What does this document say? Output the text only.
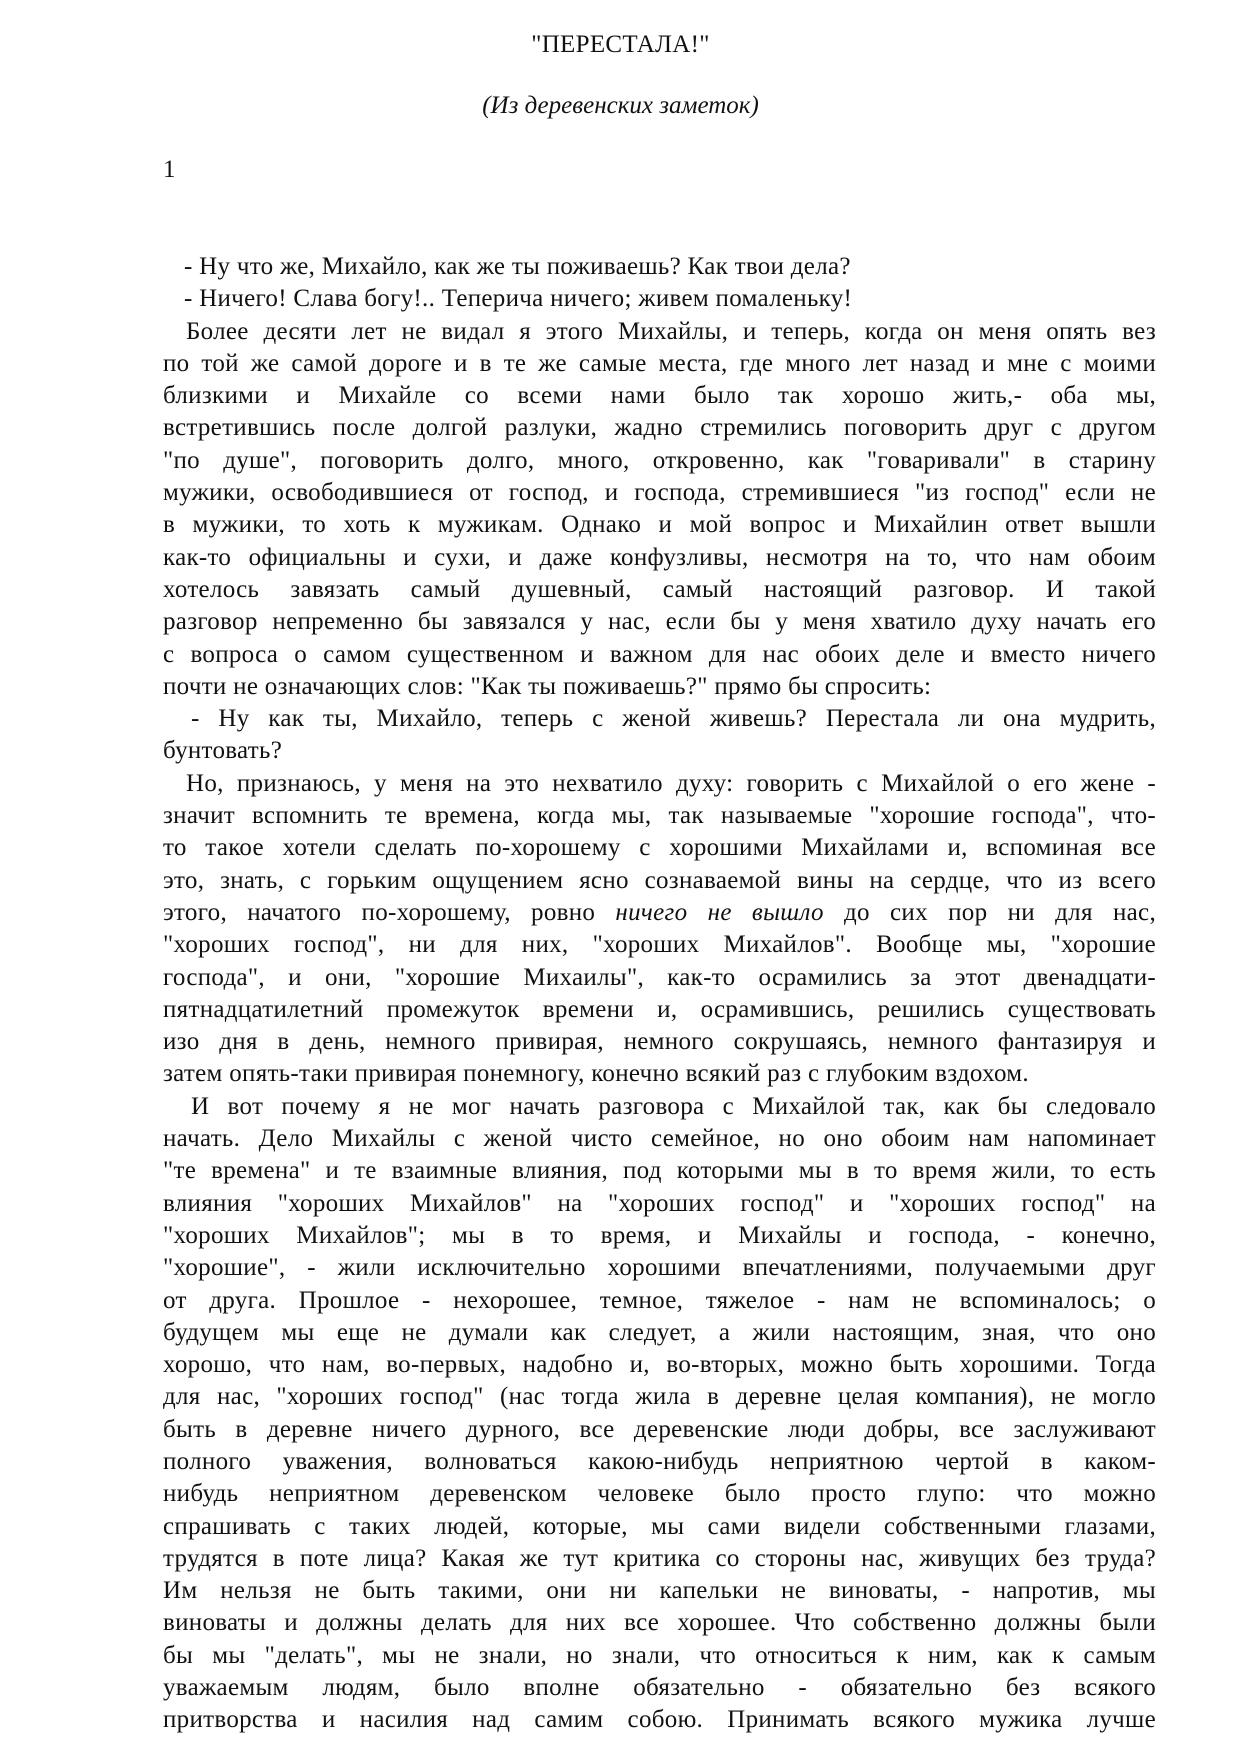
"ПЕРЕСТАЛА!"
(Из деревенских заметок)
1
- Ну что же, Михайло, как же ты поживаешь? Как твои дела?
- Ничего! Слава богу!.. Теперича ничего; живем помаленьку!
Более десяти лет не видал я этого Михайлы, и теперь, когда он меня опять вез
по той же самой дороге и в те же самые места, где много лет назад и мне с моими
близкими и Михайле со всеми нами было так хорошо жить,- оба мы,
встретившись после долгой разлуки, жадно стремились поговорить друг с другом
"по душе", поговорить долго, много, откровенно, как "говаривали" в старину
мужики, освободившиеся от господ, и господа, стремившиеся "из господ" если не
в мужики, то хоть к мужикам. Однако и мой вопрос и Михайлин ответ вышли
как-то официальны и сухи, и даже конфузливы, несмотря на то, что нам обоим
хотелось завязать самый душевный, самый настоящий разговор. И такой
разговор непременно бы завязался у нас, если бы у меня хватило духу начать его
с вопроса о самом существенном и важном для нас обоих деле и вместо ничего
почти не означающих слов: "Как ты поживаешь?" прямо бы спросить:
- Ну как ты, Михайло, теперь с женой живешь? Перестала ли она мудрить,
бунтовать?
Но, признаюсь, у меня на это нехватило духу: говорить с Михайлой о его жене -
значит вспомнить те времена, когда мы, так называемые "хорошие господа", что-
то такое хотели сделать по-хорошему с хорошими Михайлами и, вспоминая все
это, знать, с горьким ощущением ясно сознаваемой вины на сердце, что из всего
этого, начатого по-хорошему, ровно ничего не вышло до сих пор ни для нас,
"хороших господ", ни для них, "хороших Михайлов". Вообще мы, "хорошие
господа", и они, "хорошие Михаилы", как-то осрамились за этот двенадцати-
пятнадцатилетний промежуток времени и, осрамившись, решились существовать
изо дня в день, немного привирая, немного сокрушаясь, немного фантазируя и
затем опять-таки привирая понемногу, конечно всякий раз с глубоким вздохом.
И вот почему я не мог начать разговора с Михайлой так, как бы следовало
начать. Дело Михайлы с женой чисто семейное, но оно обоим нам напоминает
"те времена" и те взаимные влияния, под которыми мы в то время жили, то есть
влияния "хороших Михайлов" на "хороших господ" и "хороших господ" на
"хороших Михайлов"; мы в то время, и Михайлы и господа, - конечно,
"хорошие", - жили исключительно хорошими впечатлениями, получаемыми друг
от друга. Прошлое - нехорошее, темное, тяжелое - нам не вспоминалось; о
будущем мы еще не думали как следует, а жили настоящим, зная, что оно
хорошо, что нам, во-первых, надобно и, во-вторых, можно быть хорошими. Тогда
для нас, "хороших господ" (нас тогда жила в деревне целая компания), не могло
быть в деревне ничего дурного, все деревенские люди добры, все заслуживают
полного уважения, волноваться какою-нибудь неприятною чертой в каком-
нибудь неприятном деревенском человеке было просто глупо: что можно
спрашивать с таких людей, которые, мы сами видели собственными глазами,
трудятся в поте лица? Какая же тут критика со стороны нас, живущих без труда?
Им нельзя не быть такими, они ни капельки не виноваты, - напротив, мы
виноваты и должны делать для них все хорошее. Что собственно должны были
бы мы "делать", мы не знали, но знали, что относиться к ним, как к самым
уважаемым людям, было вполне обязательно - обязательно без всякого
притворства и насилия над самим собою. Принимать всякого мужика лучше
